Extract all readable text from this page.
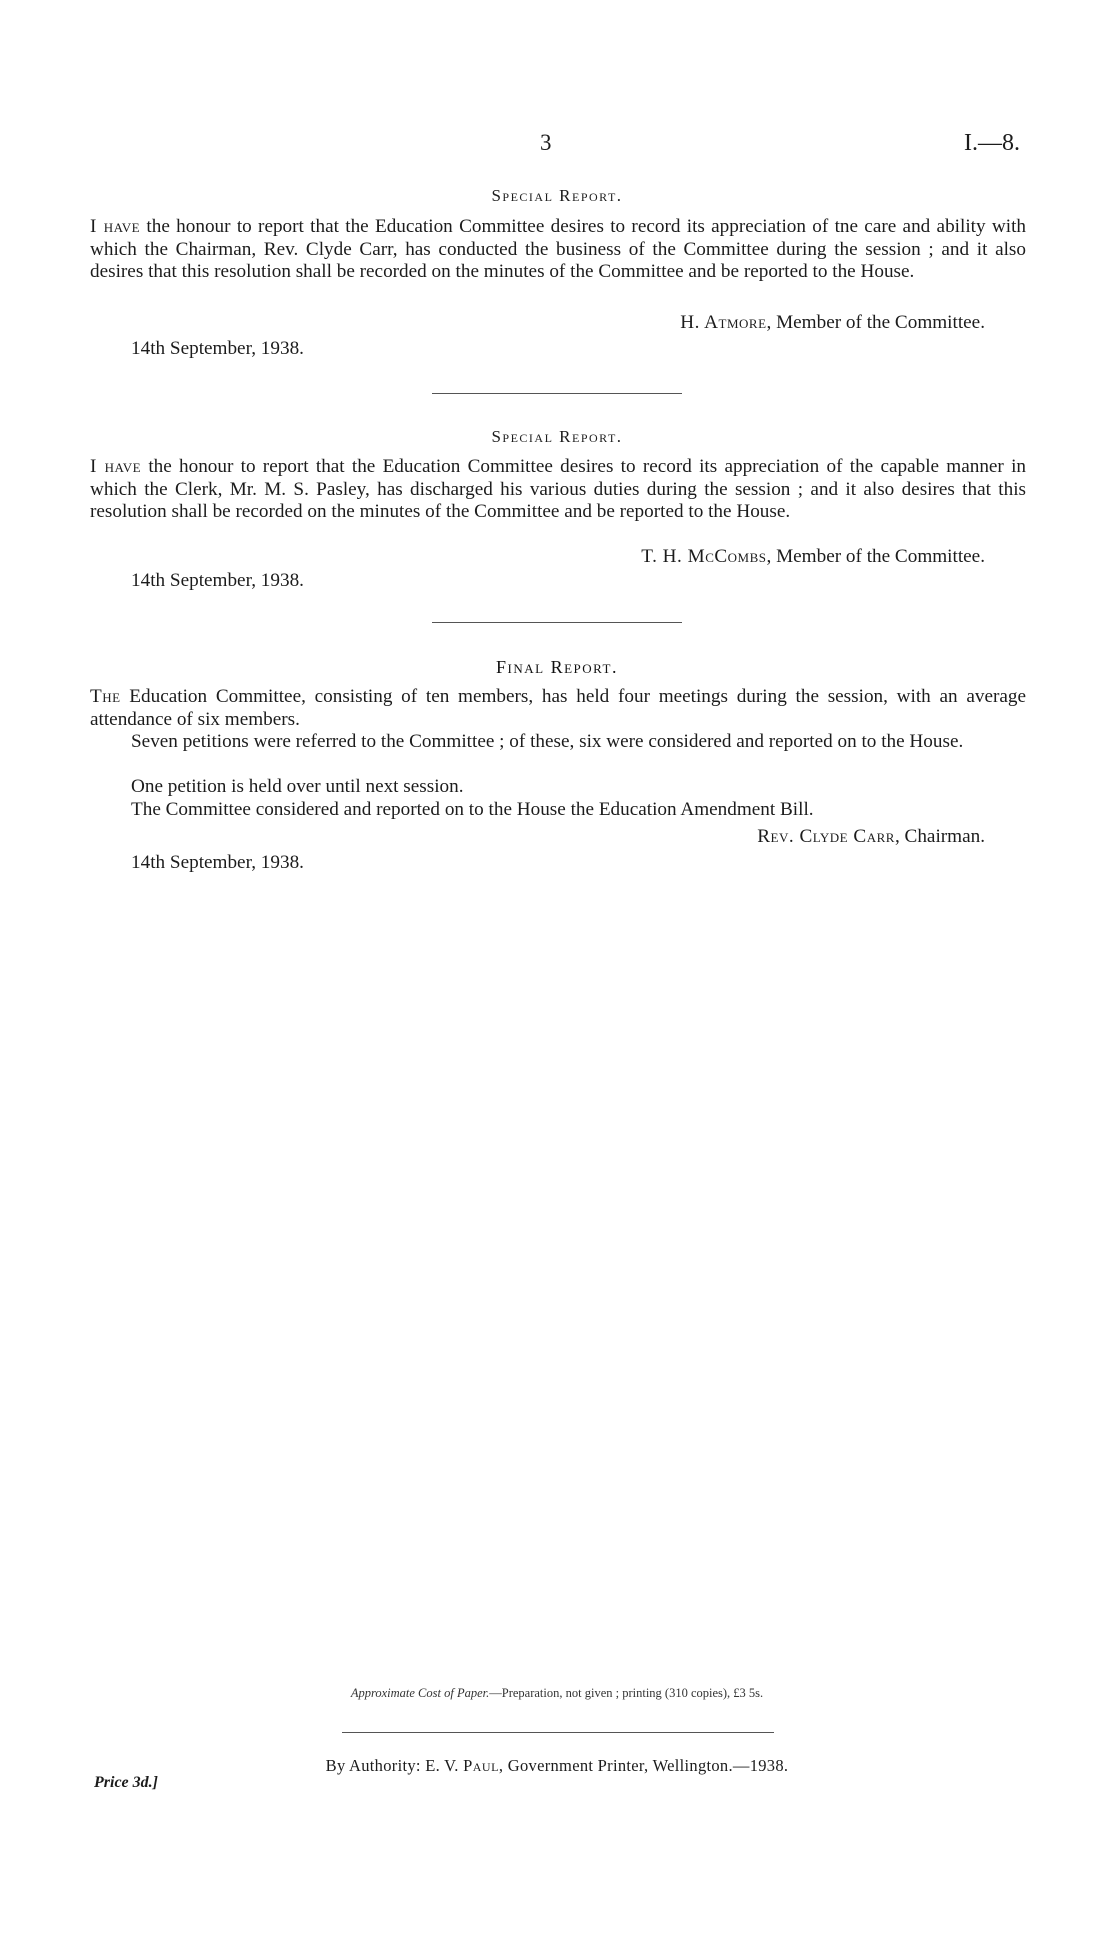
3	I.—8.
Special Report.
I have the honour to report that the Education Committee desires to record its appreciation of tne care and ability with which the Chairman, Rev. Clyde Carr, has conducted the business of the Committee during the session ; and it also desires that this resolution shall be recorded on the minutes of the Committee and be reported to the House.
H. Atmore, Member of the Committee.
14th September, 1938.
Special Report.
I have the honour to report that the Education Committee desires to record its appreciation of the capable manner in which the Clerk, Mr. M. S. Pasley, has discharged his various duties during the session ; and it also desires that this resolution shall be recorded on the minutes of the Committee and be reported to the House.
T. H. McCombs, Member of the Committee.
14th September, 1938.
Final Report.
The Education Committee, consisting of ten members, has held four meetings during the session, with an average attendance of six members.
Seven petitions were referred to the Committee ; of these, six were considered and reported on to the House.
One petition is held over until next session.
The Committee considered and reported on to the House the Education Amendment Bill.
Rev. Clyde Carr, Chairman.
14th September, 1938.
Approximate Cost of Paper.—Preparation, not given ; printing (310 copies), £3 5s.
By Authority: E. V. Paul, Government Printer, Wellington.—1938.
Price 3d.]
